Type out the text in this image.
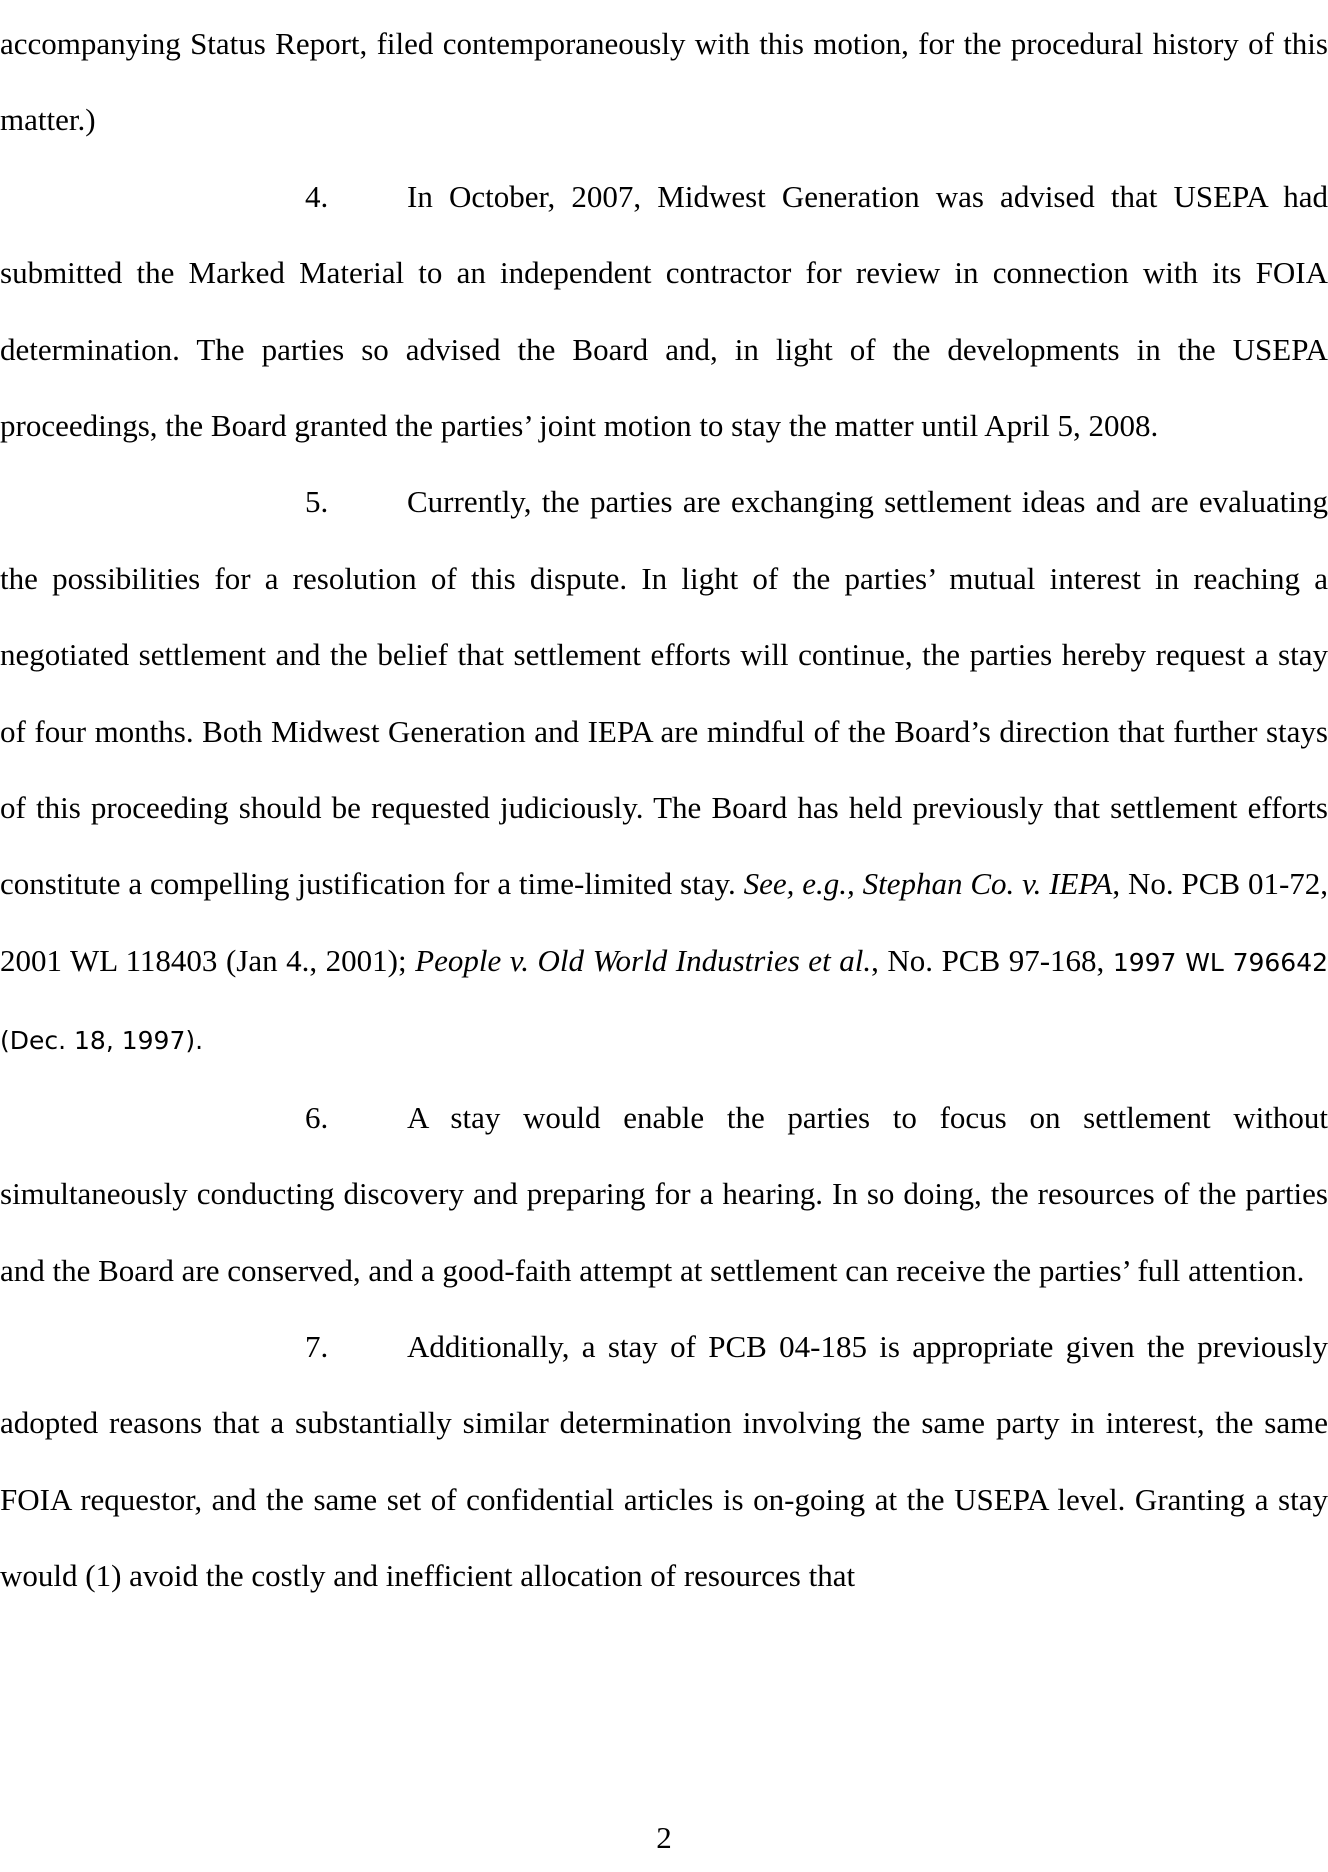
accompanying Status Report, filed contemporaneously with this motion, for the procedural history of this matter.)

4.	In October, 2007, Midwest Generation was advised that USEPA had submitted the Marked Material to an independent contractor for review in connection with its FOIA determination. The parties so advised the Board and, in light of the developments in the USEPA proceedings, the Board granted the parties’ joint motion to stay the matter until April 5, 2008.

5.	Currently, the parties are exchanging settlement ideas and are evaluating the possibilities for a resolution of this dispute. In light of the parties’ mutual interest in reaching a negotiated settlement and the belief that settlement efforts will continue, the parties hereby request a stay of four months. Both Midwest Generation and IEPA are mindful of the Board’s direction that further stays of this proceeding should be requested judiciously. The Board has held previously that settlement efforts constitute a compelling justification for a time-limited stay. See, e.g., Stephan Co. v. IEPA, No. PCB 01-72, 2001 WL 118403 (Jan 4., 2001); People v. Old World Industries et al., No. PCB 97-168, 1997 WL 796642 (Dec. 18, 1997).

6.	A stay would enable the parties to focus on settlement without simultaneously conducting discovery and preparing for a hearing. In so doing, the resources of the parties and the Board are conserved, and a good-faith attempt at settlement can receive the parties’ full attention.

7.	Additionally, a stay of PCB 04-185 is appropriate given the previously adopted reasons that a substantially similar determination involving the same party in interest, the same FOIA requestor, and the same set of confidential articles is on-going at the USEPA level. Granting a stay would (1) avoid the costly and inefficient allocation of resources that

2
